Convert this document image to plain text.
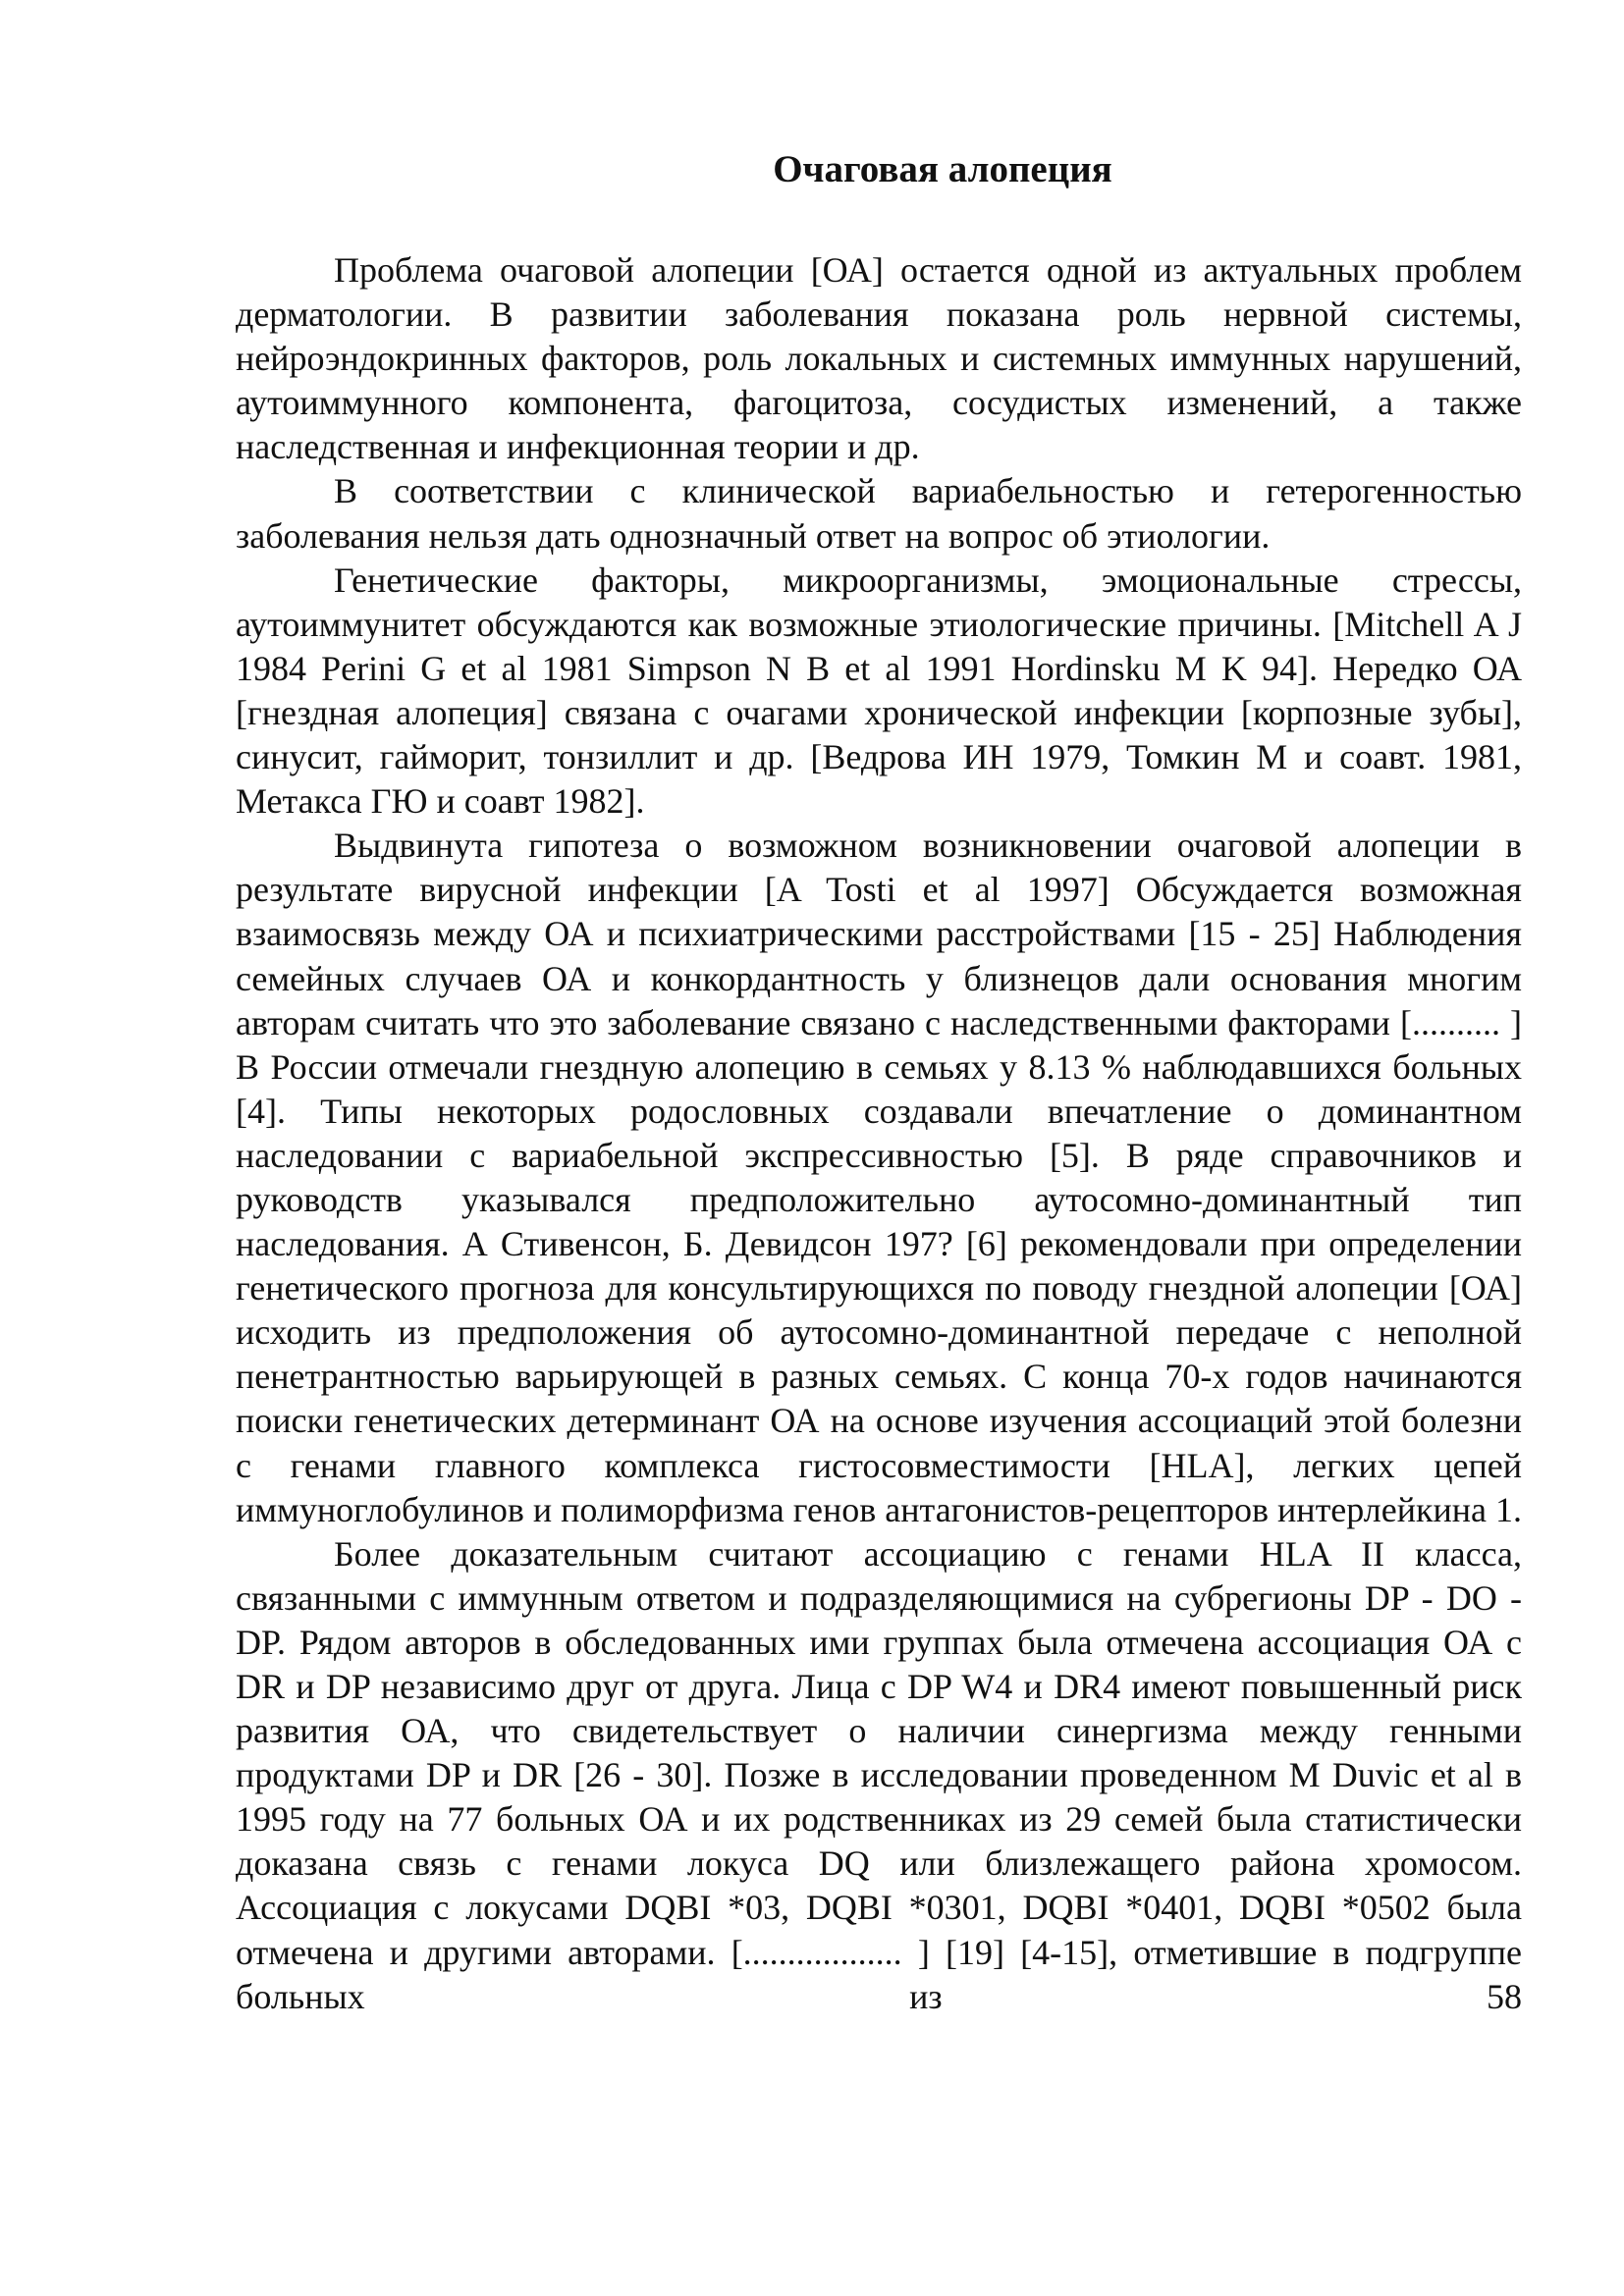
Очаговая алопеция

Проблема очаговой алопеции [ОА] остается одной из актуальных проблем дерматологии. В развитии заболевания показана роль нервной системы, нейроэндокринных факторов, роль локальных и системных иммунных нарушений, аутоиммунного компонента, фагоцитоза, сосудистых изменений, а также наследственная и инфекционная теории и др.

В соответствии с клинической вариабельностью и гетерогенностью заболевания нельзя дать однозначный ответ на вопрос об этиологии.

Генетические факторы, микроорганизмы, эмоциональные стрессы, аутоиммунитет обсуждаются как возможные этиологические причины. [Mitchell A J 1984 Perini G et al 1981 Simpson N B et al 1991 Hordinsku M K 94]. Нередко ОА [гнездная алопеция] связана с очагами хронической инфекции [корпозные зубы], синусит, гайморит, тонзиллит и др. [Ведрова ИН 1979, Томкин М и соавт. 1981, Метакса ГЮ и соавт 1982].

Выдвинута гипотеза о возможном возникновении очаговой алопеции в результате вирусной инфекции [A Tosti et al 1997] Обсуждается возможная взаимосвязь между ОА и психиатрическими расстройствами [15 - 25] Наблюдения семейных случаев ОА и конкордантность у близнецов дали основания многим авторам считать что это заболевание связано с наследственными факторами [.......... ] В России отмечали гнездную алопецию в семьях у 8.13 % наблюдавшихся больных [4]. Типы некоторых родословных создавали впечатление о доминантном наследовании с вариабельной экспрессивностью [5]. В ряде справочников и руководств указывался предположительно аутосомно-доминантный тип наследования. А Стивенсон, Б. Девидсон 197? [6] рекомендовали при определении генетического прогноза для консультирующихся по поводу гнездной алопеции [ОА] исходить из предположения об аутосомно-доминантной передаче с неполной пенетрантностью варьирующей в разных семьях. С конца 70-х годов начинаются поиски генетических детерминант ОА на основе изучения ассоциаций этой болезни с генами главного комплекса гистосовместимости [HLA], легких цепей иммуноглобулинов и полиморфизма генов антагонистов-рецепторов интерлейкина 1.

Более доказательным считают ассоциацию с генами HLA II класса, связанными с иммунным ответом и подразделяющимися на субрегионы DP - DO -DP. Рядом авторов в обследованных ими группах была отмечена ассоциация ОА с DR и DP независимо друг от друга. Лица с DP W4 и DR4 имеют повышенный риск развития ОА, что свидетельствует о наличии синергизма между генными продуктами DP и DR [26 - 30]. Позже в исследовании проведенном M Duvic et al в 1995 году на 77 больных ОА и их родственниках из 29 семей была статистически доказана связь с генами локуса DQ или близлежащего района хромосом. Ассоциация с локусами DQBI *03, DQBI *0301, DQBI *0401, DQBI *0502 была отмечена и другими авторами. [.................. ] [19] [4-15], отметившие в подгруппе больных из 58
